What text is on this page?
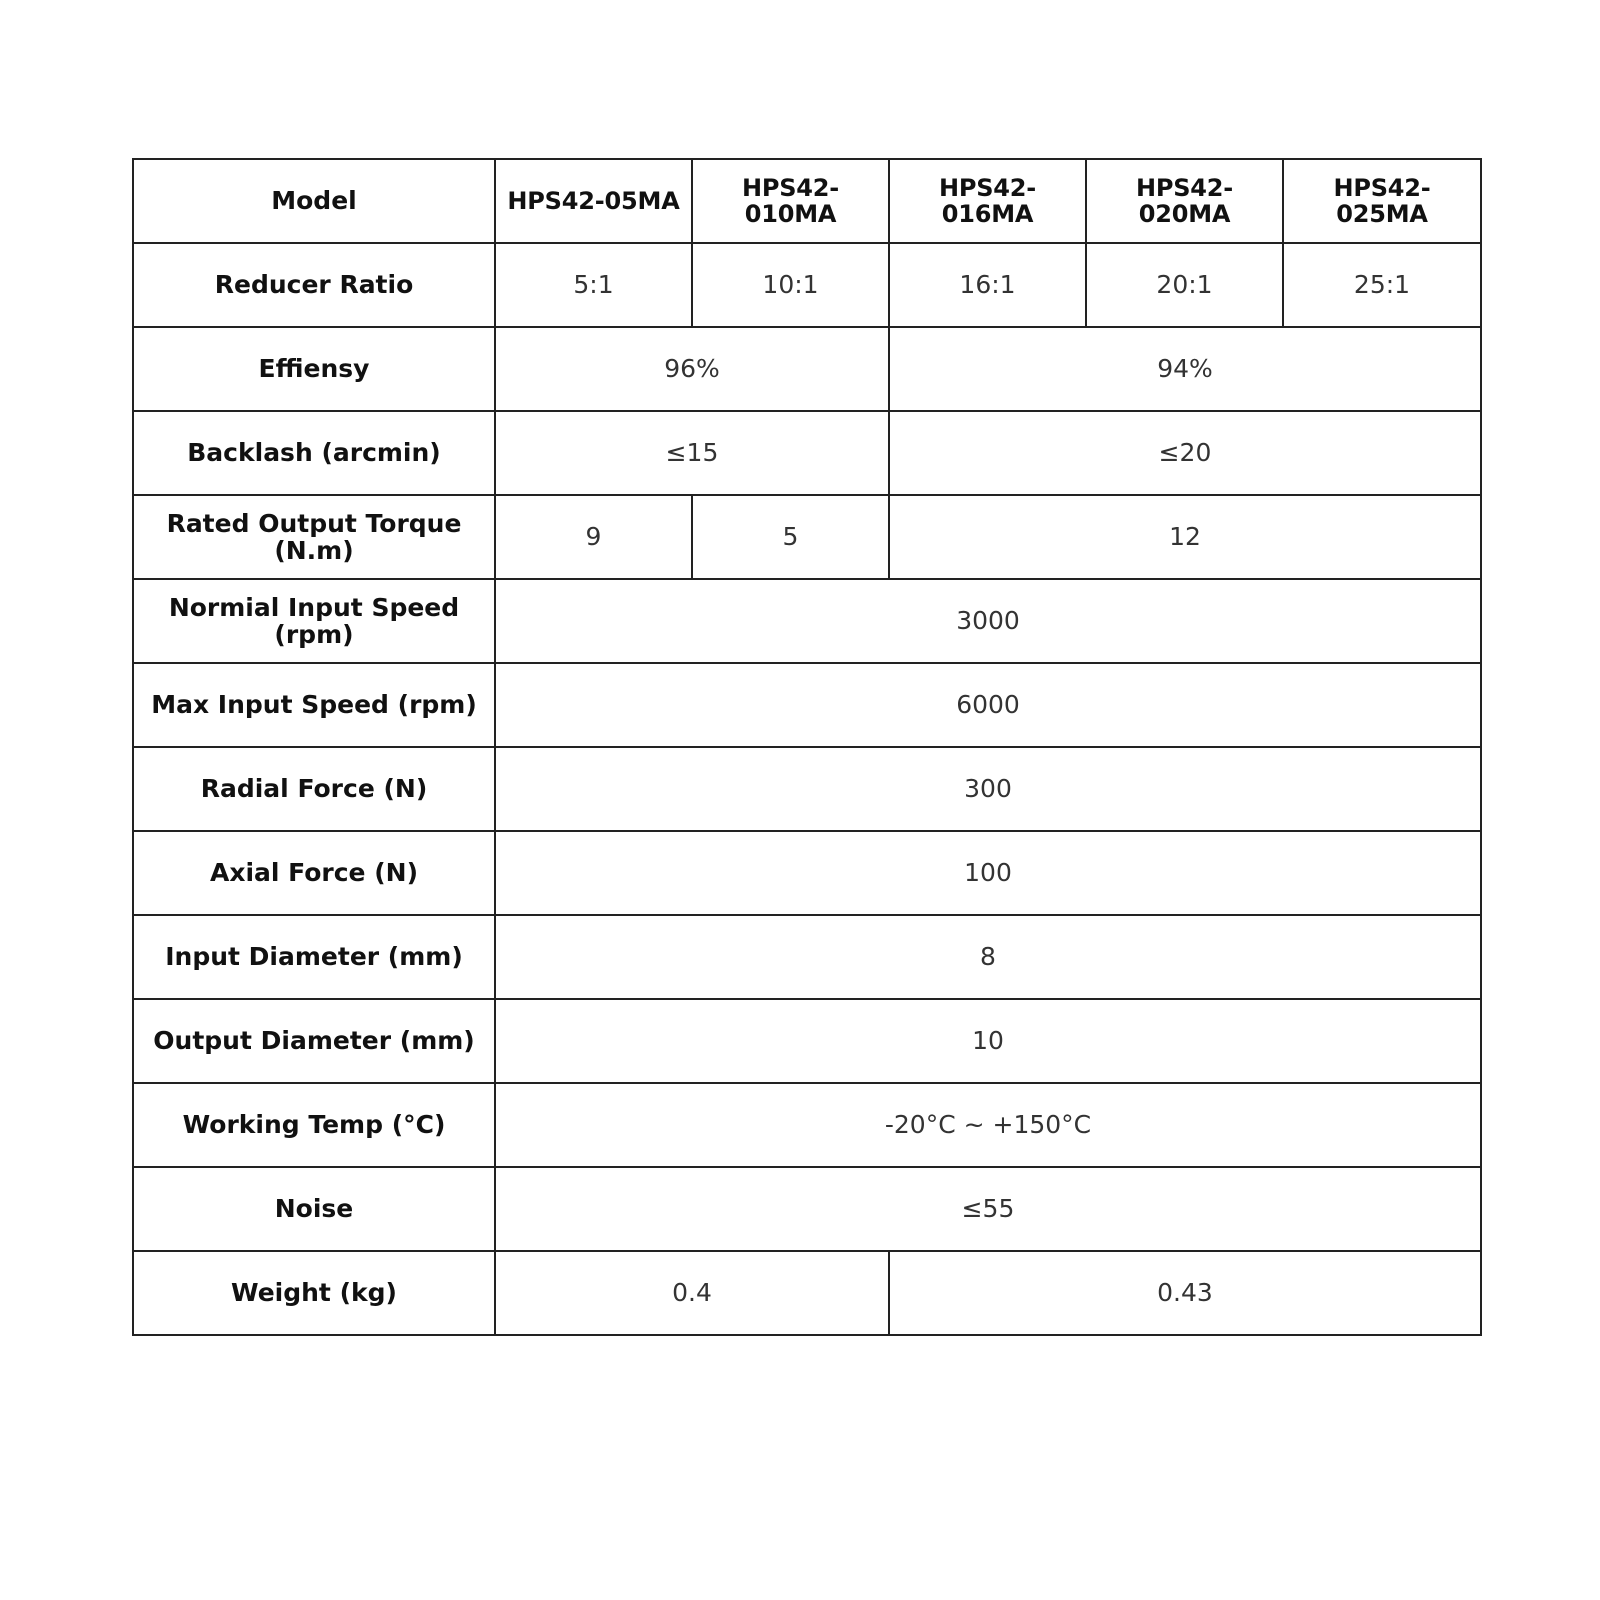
Model	HPS42-05MA	HPS42-010MA	HPS42-016MA	HPS42-020MA	HPS42-025MA
Reducer Ratio	5:1	10:1	16:1	20:1	25:1
Effiensy	96%		94%		
Backlash (arcmin)	≤15		≤20		
Rated Output Torque (N.m)	9	5	12		
Normial Input Speed (rpm)	3000				
Max Input Speed (rpm)	6000				
Radial Force (N)	300				
Axial Force (N)	100				
Input Diameter (mm)	8				
Output Diameter (mm)	10				
Working Temp (°C)	-20°C ~ +150°C				
Noise	≤55				
Weight (kg)	0.4		0.43		
